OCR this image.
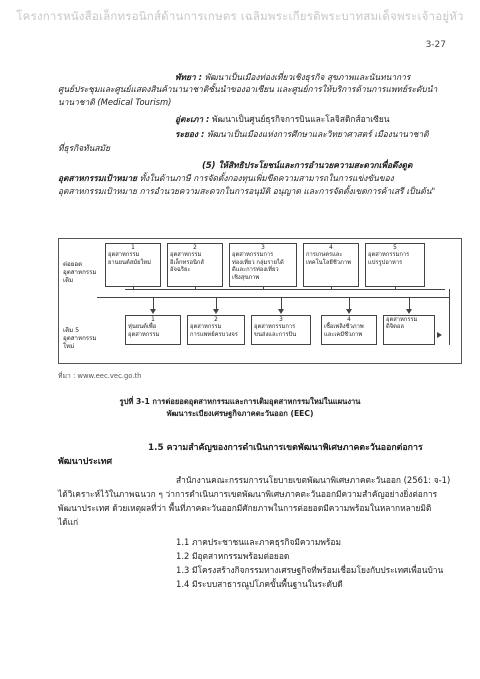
โครงการหนังสือเล็กทรอนิกส์ด้านการเกษตร เฉลิมพระเกียรติพระบาทสมเด็จพระเจ้าอยู่หัว
3-27
พัทยา : พัฒนาเป็นเมืองท่องเที่ยวเชิงธุรกิจ สุขภาพและนันทนาการ
ศูนย์ประชุมและศูนย์แสดงสินค้านานาชาติชั้นนำของอาเซียน และศูนย์การให้บริการด้านการแพทย์ระดับนำ
นานาชาติ (Medical Tourism)
อู่ตะเภา : พัฒนาเป็นศูนย์ธุรกิจการบินและโลจิสติกส์อาเซียน
ระยอง : พัฒนาเป็นเมืองแห่งการศึกษาและวิทยาศาสตร์ เมืองนานาชาติ
ที่ธุรกิจทันสมัย
(5) ให้สิทธิประโยชน์และการอำนวยความสะดวกเพื่อดึงดูด
อุตสาหกรรมเป้าหมาย ทั้งในด้านภาษี การจัดตั้งกองทุนเพิ่มขีดความสามารถในการแข่งขันของ
อุตสาหกรรมเป้าหมาย การอำนวยความสะดวกในการอนุมัติ อนุญาต และการจัดตั้งเขตการค้าเสรี เป็นต้น"
ต่อยอด
อุตสาหกรรม
เดิม
เติม 5
อุตสาหกรรม
ใหม่
1
อุตสาหกรรม
ยานยนต์สมัยใหม่
2
อุตสาหกรรม
อิเล็กทรอนิกส์
อัจฉริยะ
3
อุตสาหกรรมการ
ท่องเที่ยว กลุ่มรายได้
ดีและการท่องเที่ยว
เชิงสุขภาพ
4
การเกษตรและ
เทคโนโลยีชีวภาพ
5
อุตสาหกรรมการ
แปรรูปอาหาร
1
หุ่นยนต์เพื่อ
อุตสาหกรรม
2
อุตสาหกรรม
การแพทย์ครบวงจร
3
อุตสาหกรรมการ
ขนส่งและการบิน
4
เชื้อเพลิงชีวภาพ
และเคมีชีวภาพ
อุตสาหกรรม
ดิจิตอล
ที่มา : www.eec.vec.go.th
รูปที่ 3-1 การต่อยอดอุตสาหกรรมและการเติมอุตสาหกรรมใหม่ในแผนงาน
พัฒนาระเบียงเศรษฐกิจภาคตะวันออก (EEC)
1.5 ความสำคัญของการดำเนินการเขตพัฒนาพิเศษภาคตะวันออกต่อการ
พัฒนาประเทศ
สำนักงานคณะกรรมการนโยบายเขตพัฒนาพิเศษภาคตะวันออก (2561: จ-1)
ได้วิเคราะห์ไว้ในภาพฉนวก ๆ ว่าการดำเนินการเขตพัฒนาพิเศษภาคตะวันออกมีความสำคัญอย่างยิ่งต่อการ
พัฒนาประเทศ ด้วยเหตุผลที่ว่า พื้นที่ภาคตะวันออกมีศักยภาพในการต่อยอดมีความพร้อมในหลากหลายมิติ
ได้แก่
1.1 ภาคประชาชนและภาคธุรกิจมีความพร้อม
1.2 มีอุตสาหกรรมพร้อมต่อยอด
1.3 มีโครงสร้างกิจกรรมทางเศรษฐกิจที่พร้อมเชื่อมโยงกับประเทศเพื่อนบ้าน
1.4 มีระบบสาธารณูปโภคขั้นพื้นฐานในระดับดี
